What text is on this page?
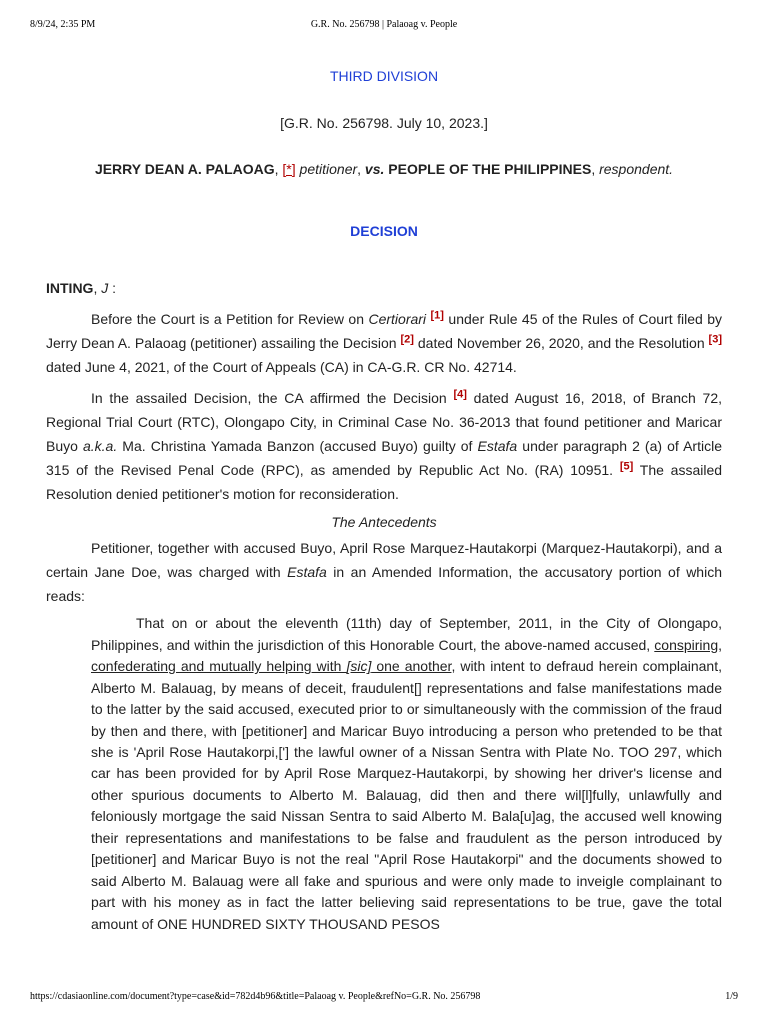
8/9/24, 2:35 PM	G.R. No. 256798 | Palaoag v. People
THIRD DIVISION
[G.R. No. 256798. July 10, 2023.]
JERRY DEAN A. PALAOAG, [*] petitioner, vs. PEOPLE OF THE PHILIPPINES, respondent.
DECISION
INTING, J :

Before the Court is a Petition for Review on Certiorari [1] under Rule 45 of the Rules of Court filed by Jerry Dean A. Palaoag (petitioner) assailing the Decision [2] dated November 26, 2020, and the Resolution [3] dated June 4, 2021, of the Court of Appeals (CA) in CA-G.R. CR No. 42714.

In the assailed Decision, the CA affirmed the Decision [4] dated August 16, 2018, of Branch 72, Regional Trial Court (RTC), Olongapo City, in Criminal Case No. 36-2013 that found petitioner and Maricar Buyo a.k.a. Ma. Christina Yamada Banzon (accused Buyo) guilty of Estafa under paragraph 2 (a) of Article 315 of the Revised Penal Code (RPC), as amended by Republic Act No. (RA) 10951. [5] The assailed Resolution denied petitioner's motion for reconsideration.

The Antecedents

Petitioner, together with accused Buyo, April Rose Marquez-Hautakorpi (Marquez-Hautakorpi), and a certain Jane Doe, was charged with Estafa in an Amended Information, the accusatory portion of which reads:

That on or about the eleventh (11th) day of September, 2011, in the City of Olongapo, Philippines, and within the jurisdiction of this Honorable Court, the above-named accused, conspiring, confederating and mutually helping with [sic] one another, with intent to defraud herein complainant, Alberto M. Balauag, by means of deceit, fraudulent[] representations and false manifestations made to the latter by the said accused, executed prior to or simultaneously with the commission of the fraud by then and there, with [petitioner] and Maricar Buyo introducing a person who pretended to be that she is 'April Rose Hautakorpi,['] the lawful owner of a Nissan Sentra with Plate No. TOO 297, which car has been provided for by April Rose Marquez-Hautakorpi, by showing her driver's license and other spurious documents to Alberto M. Balauag, did then and there wil[l]fully, unlawfully and feloniously mortgage the said Nissan Sentra to said Alberto M. Bala[u]ag, the accused well knowing their representations and manifestations to be false and fraudulent as the person introduced by [petitioner] and Maricar Buyo is not the real "April Rose Hautakorpi" and the documents showed to said Alberto M. Balauag were all fake and spurious and were only made to inveigle complainant to part with his money as in fact the latter believing said representations to be true, gave the total amount of ONE HUNDRED SIXTY THOUSAND PESOS
https://cdasiaonline.com/document?type=case&id=782d4b96&title=Palaoag v. People&refNo=G.R. No. 256798	1/9
